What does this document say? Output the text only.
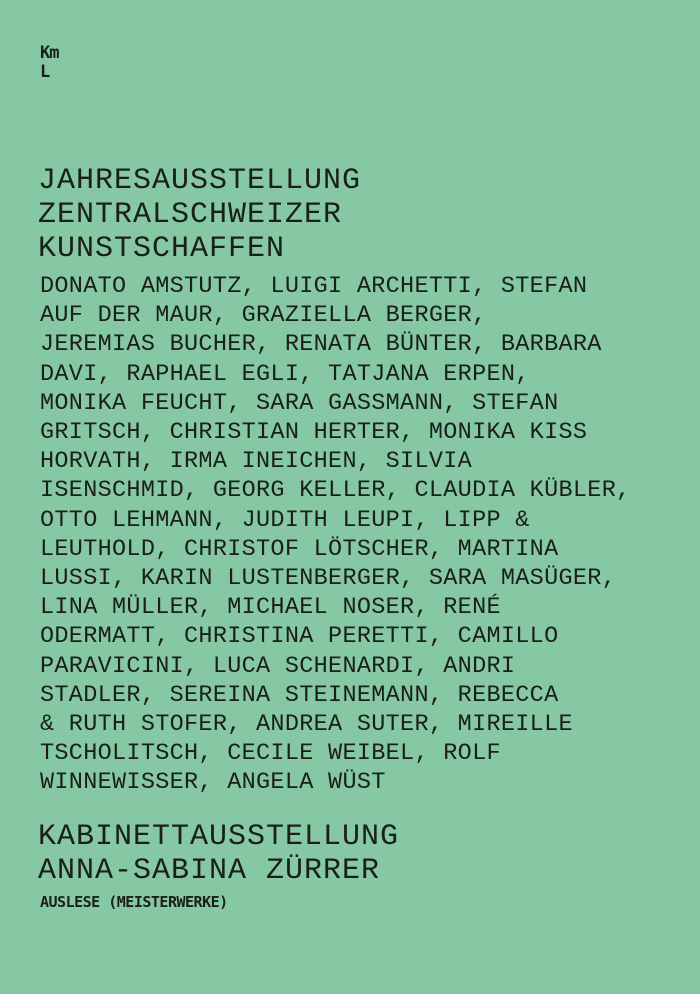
Km
L
JAHRESAUSSTELLUNG
ZENTRALSCHWEIZER
KUNSTSCHAFFEN
DONATO AMSTUTZ, LUIGI ARCHETTI, STEFAN
AUF DER MAUR, GRAZIELLA BERGER,
JEREMIAS BUCHER, RENATA BÜNTER, BARBARA
DAVI, RAPHAEL EGLI, TATJANA ERPEN,
MONIKA FEUCHT, SARA GASSMANN, STEFAN
GRITSCH, CHRISTIAN HERTER, MONIKA KISS
HORVATH, IRMA INEICHEN, SILVIA
ISENSCHMID, GEORG KELLER, CLAUDIA KÜBLER,
OTTO LEHMANN, JUDITH LEUPI, LIPP &
LEUTHOLD, CHRISTOF LÖTSCHER, MARTINA
LUSSI, KARIN LUSTENBERGER, SARA MASÜGER,
LINA MÜLLER, MICHAEL NOSER, RENÉ
ODERMATT, CHRISTINA PERETTI, CAMILLO
PARAVICINI, LUCA SCHENARDI, ANDRI
STADLER, SEREINA STEINEMANN, REBECCA
& RUTH STOFER, ANDREA SUTER, MIREILLE
TSCHOLITSCH, CECILE WEIBEL, ROLF
WINNEWISSER, ANGELA WÜST
KABINETTAUSSTELLUNG
ANNA-SABINA ZÜRRER
AUSLESE (MEISTERWERKE)
